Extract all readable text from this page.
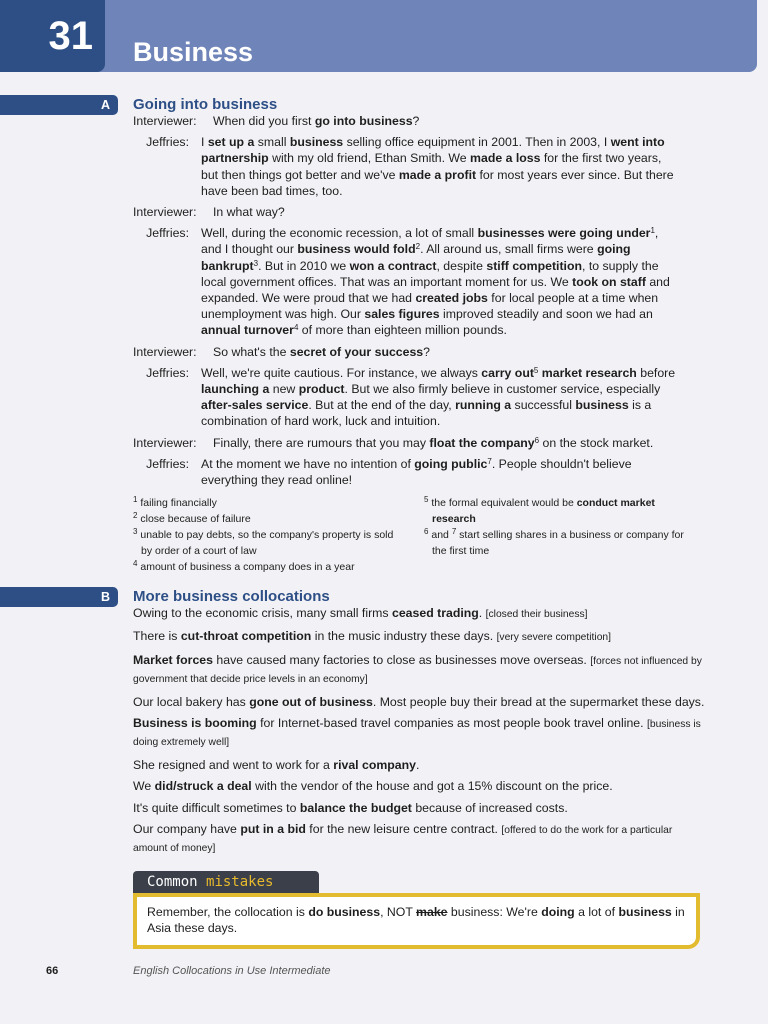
31	Business
A	Going into business
Interviewer:	When did you first go into business?
Jeffries: I set up a small business selling office equipment in 2001. Then in 2003, I went into partnership with my old friend, Ethan Smith. We made a loss for the first two years, but then things got better and we've made a profit for most years ever since. But there have been bad times, too.
Interviewer:	In what way?
Jeffries: Well, during the economic recession, a lot of small businesses were going under$^1$, and I thought our business would fold$^2$. All around us, small firms were going bankrupt$^3$. But in 2010 we won a contract, despite stiff competition, to supply the local government offices. That was an important moment for us. We took on staff and expanded. We were proud that we had created jobs for local people at a time when unemployment was high. Our sales figures improved steadily and soon we had an annual turnover$^4$ of more than eighteen million pounds.
Interviewer:	So what's the secret of your success?
Jeffries: Well, we're quite cautious. For instance, we always carry out$^5$ market research before launching a new product. But we also firmly believe in customer service, especially after-sales service. But at the end of the day, running a successful business is a combination of hard work, luck and intuition.
Interviewer:	Finally, there are rumours that you may float the company$^6$ on the stock market.
Jeffries: At the moment we have no intention of going public$^7$. People shouldn't believe everything they read online!
$^1$ failing financially
$^2$ close because of failure
$^3$ unable to pay debts, so the company's property is sold by order of a court of law
$^4$ amount of business a company does in a year
$^5$ the formal equivalent would be conduct market research
$^6$ and $^7$ start selling shares in a business or company for the first time
B	More business collocations
Owing to the economic crisis, many small firms ceased trading. [closed their business]
There is cut-throat competition in the music industry these days. [very severe competition]
Market forces have caused many factories to close as businesses move overseas. [forces not influenced by government that decide price levels in an economy]
Our local bakery has gone out of business. Most people buy their bread at the supermarket these days.
Business is booming for Internet-based travel companies as most people book travel online. [business is doing extremely well]
She resigned and went to work for a rival company.
We did/struck a deal with the vendor of the house and got a 15% discount on the price.
It's quite difficult sometimes to balance the budget because of increased costs.
Our company have put in a bid for the new leisure centre contract. [offered to do the work for a particular amount of money]
Common mistakes
Remember, the collocation is do business, NOT make business: We're doing a lot of business in Asia these days.
66	English Collocations in Use Intermediate
